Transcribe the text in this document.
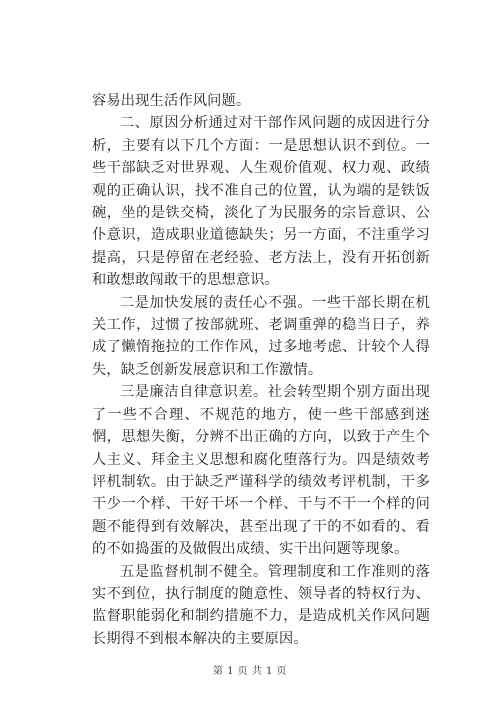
容易出现生活作风问题。

二、原因分析通过对干部作风问题的成因进行分析，主要有以下几个方面：一是思想认识不到位。一些干部缺乏对世界观、人生观价值观、权力观、政绩观的正确认识，找不准自己的位置，认为端的是铁饭碗，坐的是铁交椅，淡化了为民服务的宗旨意识、公仆意识，造成职业道德缺失；另一方面，不注重学习提高，只是停留在老经验、老方法上，没有开拓创新和敢想敢闯敢干的思想意识。

二是加快发展的责任心不强。一些干部长期在机关工作，过惯了按部就班、老调重弹的稳当日子，养成了懒惰拖拉的工作作风，过多地考虑、计较个人得失，缺乏创新发展意识和工作激情。

三是廉洁自律意识差。社会转型期个别方面出现了一些不合理、不规范的地方，使一些干部感到迷惘，思想失衡，分辨不出正确的方向，以致于产生个人主义、拜金主义思想和腐化堕落行为。四是绩效考评机制软。由于缺乏严谨科学的绩效考评机制，干多干少一个样、干好干坏一个样、干与不干一个样的问题不能得到有效解决，甚至出现了干的不如看的、看的不如捣蛋的及做假出成绩、实干出问题等现象。

五是监督机制不健全。管理制度和工作准则的落实不到位，执行制度的随意性、领导者的特权行为、监督职能弱化和制约措施不力，是造成机关作风问题长期得不到根本解决的主要原因。

第 1 页 共 1 页
